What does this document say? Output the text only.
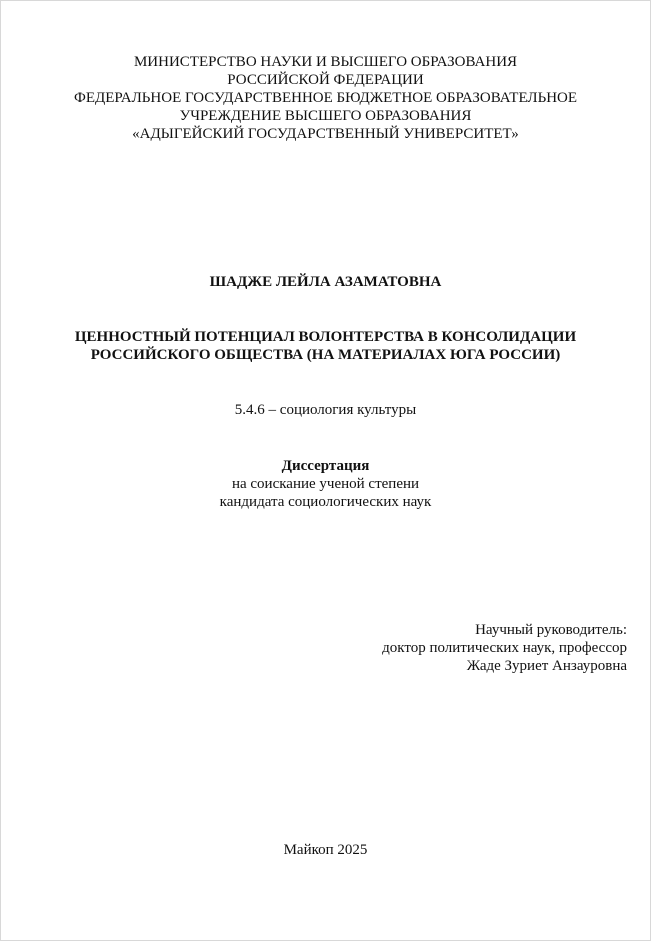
МИНИСТЕРСТВО НАУКИ И ВЫСШЕГО ОБРАЗОВАНИЯ
РОССИЙСКОЙ ФЕДЕРАЦИИ
ФЕДЕРАЛЬНОЕ ГОСУДАРСТВЕННОЕ БЮДЖЕТНОЕ ОБРАЗОВАТЕЛЬНОЕ
УЧРЕЖДЕНИЕ ВЫСШЕГО ОБРАЗОВАНИЯ
«АДЫГЕЙСКИЙ ГОСУДАРСТВЕННЫЙ УНИВЕРСИТЕТ»
ШАДЖЕ ЛЕЙЛА АЗАМАТОВНА
ЦЕННОСТНЫЙ ПОТЕНЦИАЛ ВОЛОНТЕРСТВА В КОНСОЛИДАЦИИ
РОССИЙСКОГО ОБЩЕСТВА (НА МАТЕРИАЛАХ ЮГА РОССИИ)
5.4.6 – социология культуры
Диссертация
на соискание ученой степени
кандидата социологических наук
Научный руководитель:
доктор политических наук, профессор
Жаде Зуриет Анзауровна
Майкоп 2025
